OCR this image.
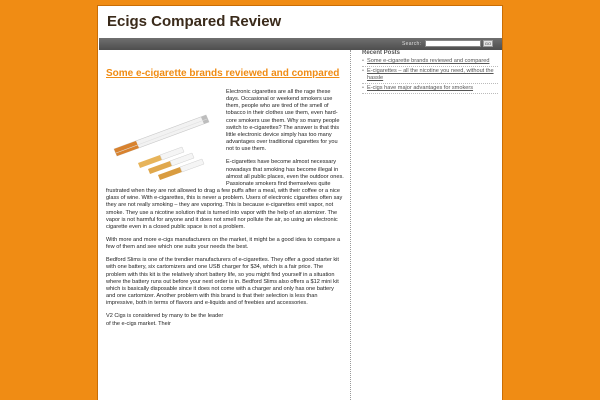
Ecigs Compared Review
Search:	GO
Some e-cigarette brands reviewed and compared

Electronic cigarettes are all the rage these days. Occasional or weekend smokers use them, people who are tired of the smell of tobacco in their clothes use them, even hard-core smokers use them. Why so many people switch to e-cigarettes? The answer is that this little electronic device simply has too many advantages over traditional cigarettes for you not to use them.

E-cigarettes have become almost necessary nowadays that smoking has become illegal in almost all public places, even the outdoor ones. Passionate smokers find themselves quite frustrated when they are not allowed to drag a few puffs after a meal, with their coffee or a nice glass of wine. With e-cigarettes, this is never a problem. Users of electronic cigarettes often say they are not really smoking – they are vaporing. This is because e-cigarettes emit vapor, not smoke. They use a nicotine solution that is turned into vapor with the help of an atomizer. The vapor is not harmful for anyone and it does not smell nor pollute the air, so using an electronic cigarette even in a closed public space is not a problem.

With more and more e-cigs manufacturers on the market, it might be a good idea to compare a few of them and see which one suits your needs the best.

Bedford Slims is one of the trendier manufacturers of e-cigarettes. They offer a good starter kit with one battery, six cartomizers and one USB charger for $34, which is a fair price. The problem with this kit is the relatively short battery life, so you might find yourself in a situation where the battery runs out before your next order is in. Bedford Slims also offers a $12 mini kit which is basically disposable since it does not come with a charger and only has one battery and one cartomizer. Another problem with this brand is that their selection is less than impressive, both in terms of flavors and e-liquids and of freebies and accessories.

V2 Cigs is considered by many to be the leader of the e-cigs market. Their

Recent Posts
• Some e-cigarette brands reviewed and compared
• E-cigarettes – all the nicotine you need, without the hassle
• E-cigs have major advantages for smokers
